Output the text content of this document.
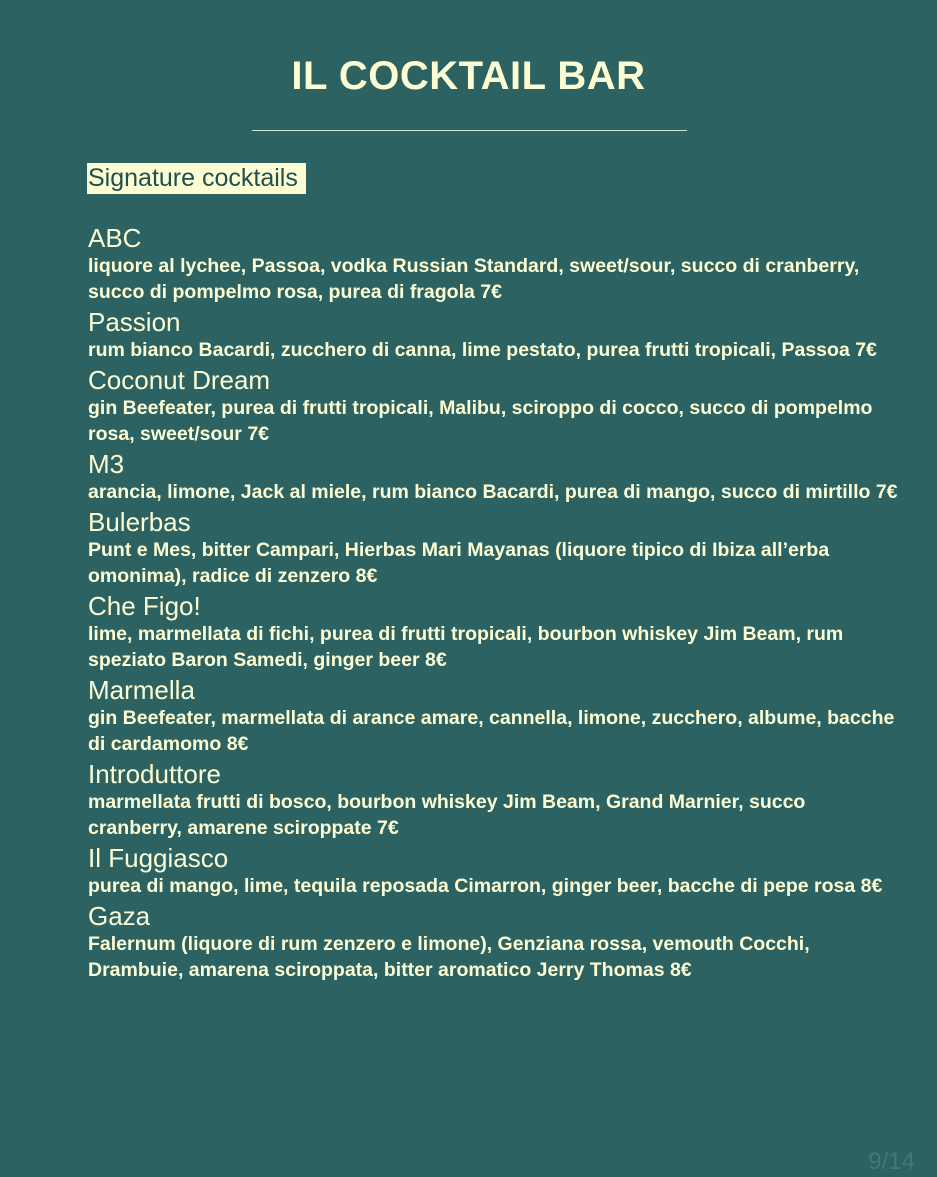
IL COCKTAIL BAR
Signature cocktails
ABC
liquore al lychee, Passoa, vodka Russian Standard, sweet/sour, succo di cranberry, succo di pompelmo rosa, purea di fragola 7€
Passion
rum bianco Bacardi, zucchero di canna, lime pestato, purea frutti tropicali, Passoa 7€
Coconut Dream
gin Beefeater, purea di frutti tropicali, Malibu, sciroppo di cocco, succo di pompelmo rosa, sweet/sour 7€
M3
arancia, limone, Jack al miele, rum bianco Bacardi, purea di mango, succo di mirtillo 7€
Bulerbas
Punt e Mes, bitter Campari, Hierbas Mari Mayanas (liquore tipico di Ibiza all’erba omonima), radice di zenzero 8€
Che Figo!
lime, marmellata di fichi, purea di frutti tropicali, bourbon whiskey Jim Beam, rum speziato Baron Samedi, ginger beer 8€
Marmella
gin Beefeater, marmellata di arance amare, cannella, limone, zucchero, albume, bacche di cardamomo 8€
Introduttore
marmellata frutti di bosco, bourbon whiskey Jim Beam, Grand Marnier, succo cranberry, amarene sciroppate 7€
Il Fuggiasco
purea di mango, lime, tequila reposada Cimarron, ginger beer, bacche di pepe rosa 8€
Gaza
Falernum (liquore di rum zenzero e limone), Genziana rossa, vemouth Cocchi, Drambuie, amarena sciroppata, bitter aromatico Jerry Thomas 8€
9/14
